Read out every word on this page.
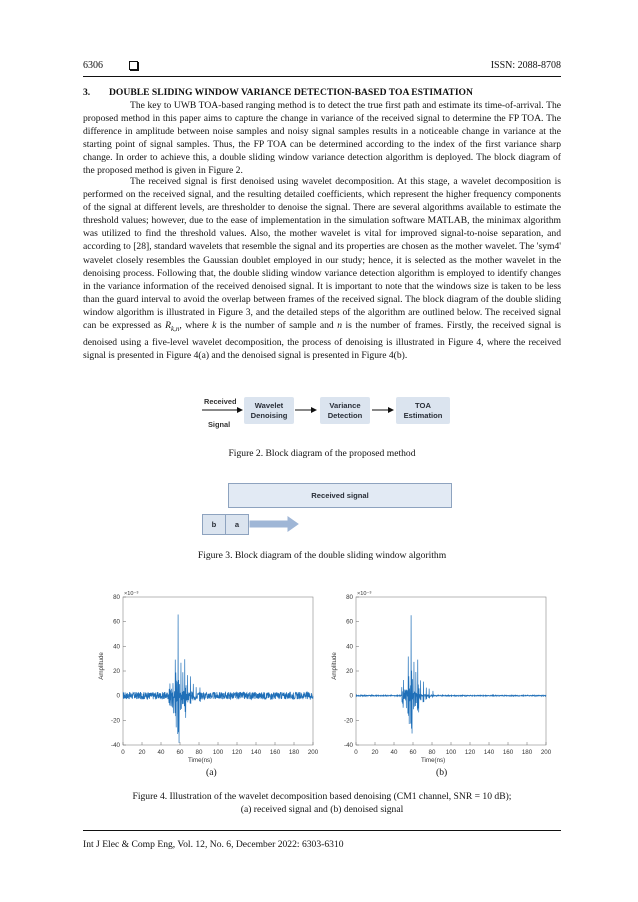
6306	ISSN: 2088-8708
3. DOUBLE SLIDING WINDOW VARIANCE DETECTION-BASED TOA ESTIMATION

The key to UWB TOA-based ranging method is to detect the true first path and estimate its time-of-arrival. The proposed method in this paper aims to capture the change in variance of the received signal to determine the FP TOA. The difference in amplitude between noise samples and noisy signal samples results in a noticeable change in variance at the starting point of signal samples. Thus, the FP TOA can be determined according to the index of the first variance sharp change. In order to achieve this, a double sliding window variance detection algorithm is deployed. The block diagram of the proposed method is given in Figure 2.

The received signal is first denoised using wavelet decomposition. At this stage, a wavelet decomposition is performed on the received signal, and the resulting detailed coefficients, which represent the higher frequency components of the signal at different levels, are thresholder to denoise the signal. There are several algorithms available to estimate the threshold values; however, due to the ease of implementation in the simulation software MATLAB, the minimax algorithm was utilized to find the threshold values. Also, the mother wavelet is vital for improved signal-to-noise separation, and according to [28], standard wavelets that resemble the signal and its properties are chosen as the mother wavelet. The 'sym4' wavelet closely resembles the Gaussian doublet employed in our study; hence, it is selected as the mother wavelet in the denoising process. Following that, the double sliding window variance detection algorithm is employed to identify changes in the variance information of the received denoised signal. It is important to note that the windows size is taken to be less than the guard interval to avoid the overlap between frames of the received signal. The block diagram of the double sliding window algorithm is illustrated in Figure 3, and the detailed steps of the algorithm are outlined below. The received signal can be expressed as $R_{k,n}$, where k is the number of sample and n is the number of frames. Firstly, the received signal is denoised using a five-level wavelet decomposition, the process of denoising is illustrated in Figure 4, where the received signal is presented in Figure 4(a) and the denoised signal is presented in Figure 4(b).

Received
Signal
Wavelet Denoising
Variance Detection
TOA Estimation
Figure 2. Block diagram of the proposed method
Received signal
b	a
Figure 3. Block diagram of the double sliding window algorithm
0 20 40 60 80 100 120 140 160 180 200
-40
-20
0
20
40
60
80
Time(ns)
Amplitude
×10⁻³
0 20 40 60 80 100 120 140 160 180 200
-40
-20
0
20
40
60
80
Time(ns)
Amplitude
×10⁻³
(a)	(b)
Figure 4. Illustration of the wavelet decomposition based denoising (CM1 channel, SNR = 10 dB);
(a) received signal and (b) denoised signal
Int J Elec & Comp Eng, Vol. 12, No. 6, December 2022: 6303-6310
